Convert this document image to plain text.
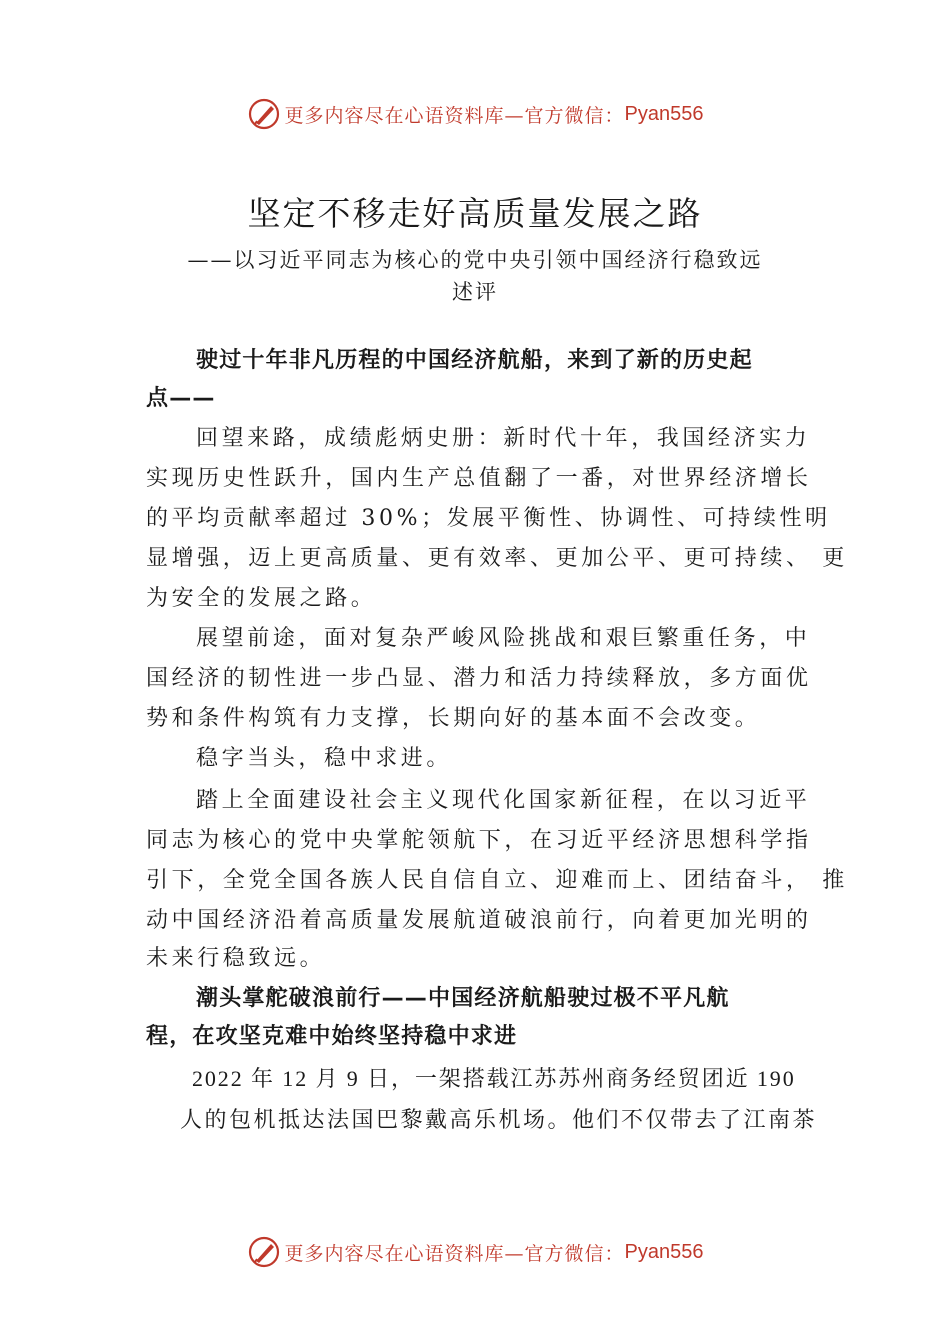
更多内容尽在心语资料库—官方微信： Pyan556
坚定不移走好高质量发展之路
——以习近平同志为核心的党中央引领中国经济行稳致远
述评
驶过十年非凡历程的中国经济航船，来到了新的历史起
点——
回望来路，成绩彪炳史册：新时代十年，我国经济实力
实现历史性跃升，国内生产总值翻了一番，对世界经济增长
的平均贡献率超过 30%；发展平衡性、协调性、可持续性明
显增强，迈上更高质量、更有效率、更加公平、更可持续、 更
为安全的发展之路。
展望前途，面对复杂严峻风险挑战和艰巨繁重任务，中
国经济的韧性进一步凸显、潜力和活力持续释放，多方面优
势和条件构筑有力支撑，长期向好的基本面不会改变。
稳字当头，稳中求进。
踏上全面建设社会主义现代化国家新征程，在以习近平
同志为核心的党中央掌舵领航下，在习近平经济思想科学指
引下，全党全国各族人民自信自立、迎难而上、团结奋斗， 推
动中国经济沿着高质量发展航道破浪前行，向着更加光明的
未来行稳致远。
潮头掌舵破浪前行——中国经济航船驶过极不平凡航
程，在攻坚克难中始终坚持稳中求进
2022 年 12 月 9 日，一架搭载江苏苏州商务经贸团近 190
人的包机抵达法国巴黎戴高乐机场。他们不仅带去了江南茶
更多内容尽在心语资料库—官方微信： Pyan556
